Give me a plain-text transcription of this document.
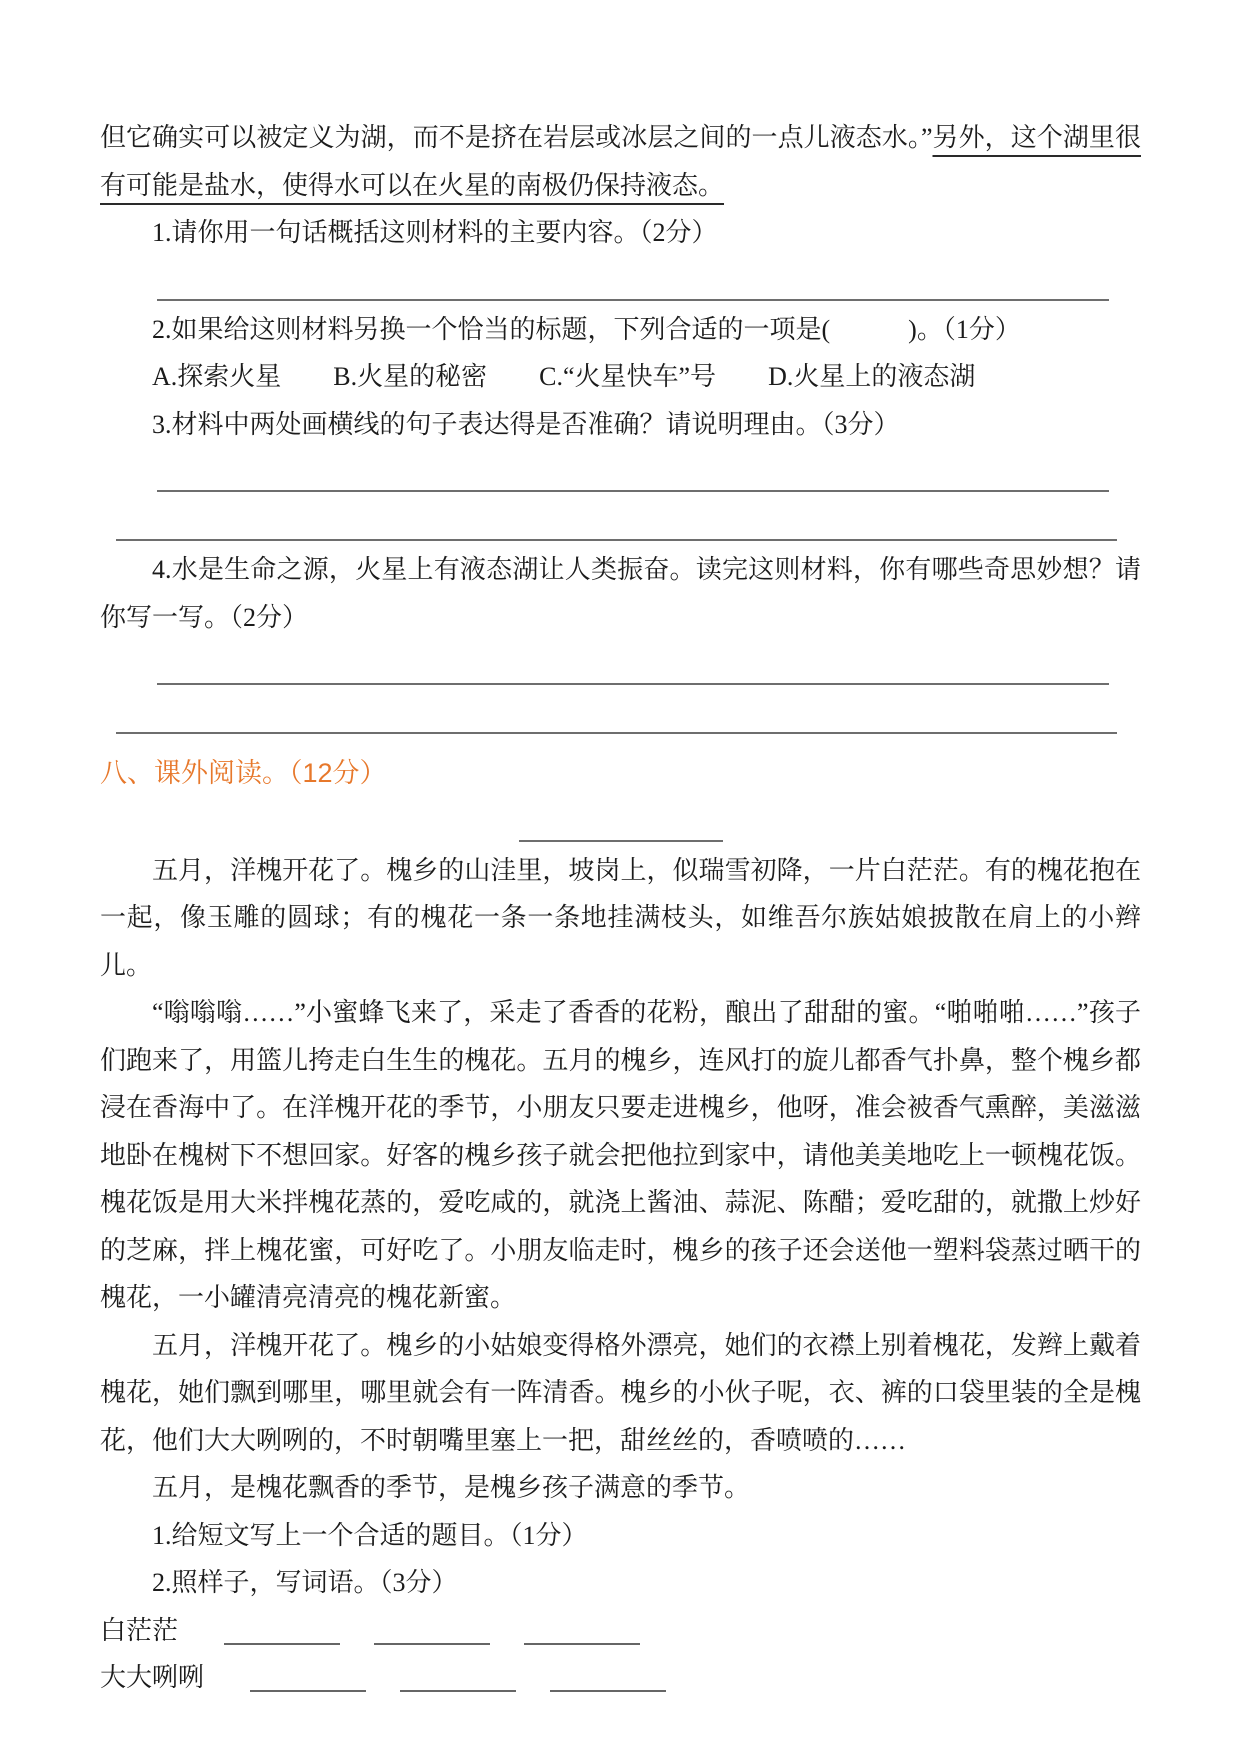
但它确实可以被定义为湖，而不是挤在岩层或冰层之间的一点儿液态水。”另外，这个湖里很有可能是盐水，使得水可以在火星的南极仍保持液态。
1.请你用一句话概括这则材料的主要内容。（2分）
2.如果给这则材料另换一个恰当的标题，下列合适的一项是(　　　)。（1分）
A.探索火星 B.火星的秘密 C.“火星快车”号 D.火星上的液态湖
3.材料中两处画横线的句子表达得是否准确？请说明理由。（3分）
4.水是生命之源，火星上有液态湖让人类振奋。读完这则材料，你有哪些奇思妙想？请你写一写。（2分）
八、课外阅读。（12分）
五月，洋槐开花了。槐乡的山洼里，坡岗上，似瑞雪初降，一片白茫茫。有的槐花抱在一起，像玉雕的圆球；有的槐花一条一条地挂满枝头，如维吾尔族姑娘披散在肩上的小辫儿。
“嗡嗡嗡……”小蜜蜂飞来了，采走了香香的花粉，酿出了甜甜的蜜。“啪啪啪……”孩子们跑来了，用篮儿挎走白生生的槐花。五月的槐乡，连风打的旋儿都香气扑鼻，整个槐乡都浸在香海中了。在洋槐开花的季节，小朋友只要走进槐乡，他呀，准会被香气熏醉，美滋滋地卧在槐树下不想回家。好客的槐乡孩子就会把他拉到家中，请他美美地吃上一顿槐花饭。槐花饭是用大米拌槐花蒸的，爱吃咸的，就浇上酱油、蒜泥、陈醋；爱吃甜的，就撒上炒好的芝麻，拌上槐花蜜，可好吃了。小朋友临走时，槐乡的孩子还会送他一塑料袋蒸过晒干的槐花，一小罐清亮清亮的槐花新蜜。
五月，洋槐开花了。槐乡的小姑娘变得格外漂亮，她们的衣襟上别着槐花，发辫上戴着槐花，她们飘到哪里，哪里就会有一阵清香。槐乡的小伙子呢，衣、裤的口袋里装的全是槐花，他们大大咧咧的，不时朝嘴里塞上一把，甜丝丝的，香喷喷的……
五月，是槐花飘香的季节，是槐乡孩子满意的季节。
1.给短文写上一个合适的题目。（1分）
2.照样子，写词语。（3分）
白茫茫
大大咧咧
